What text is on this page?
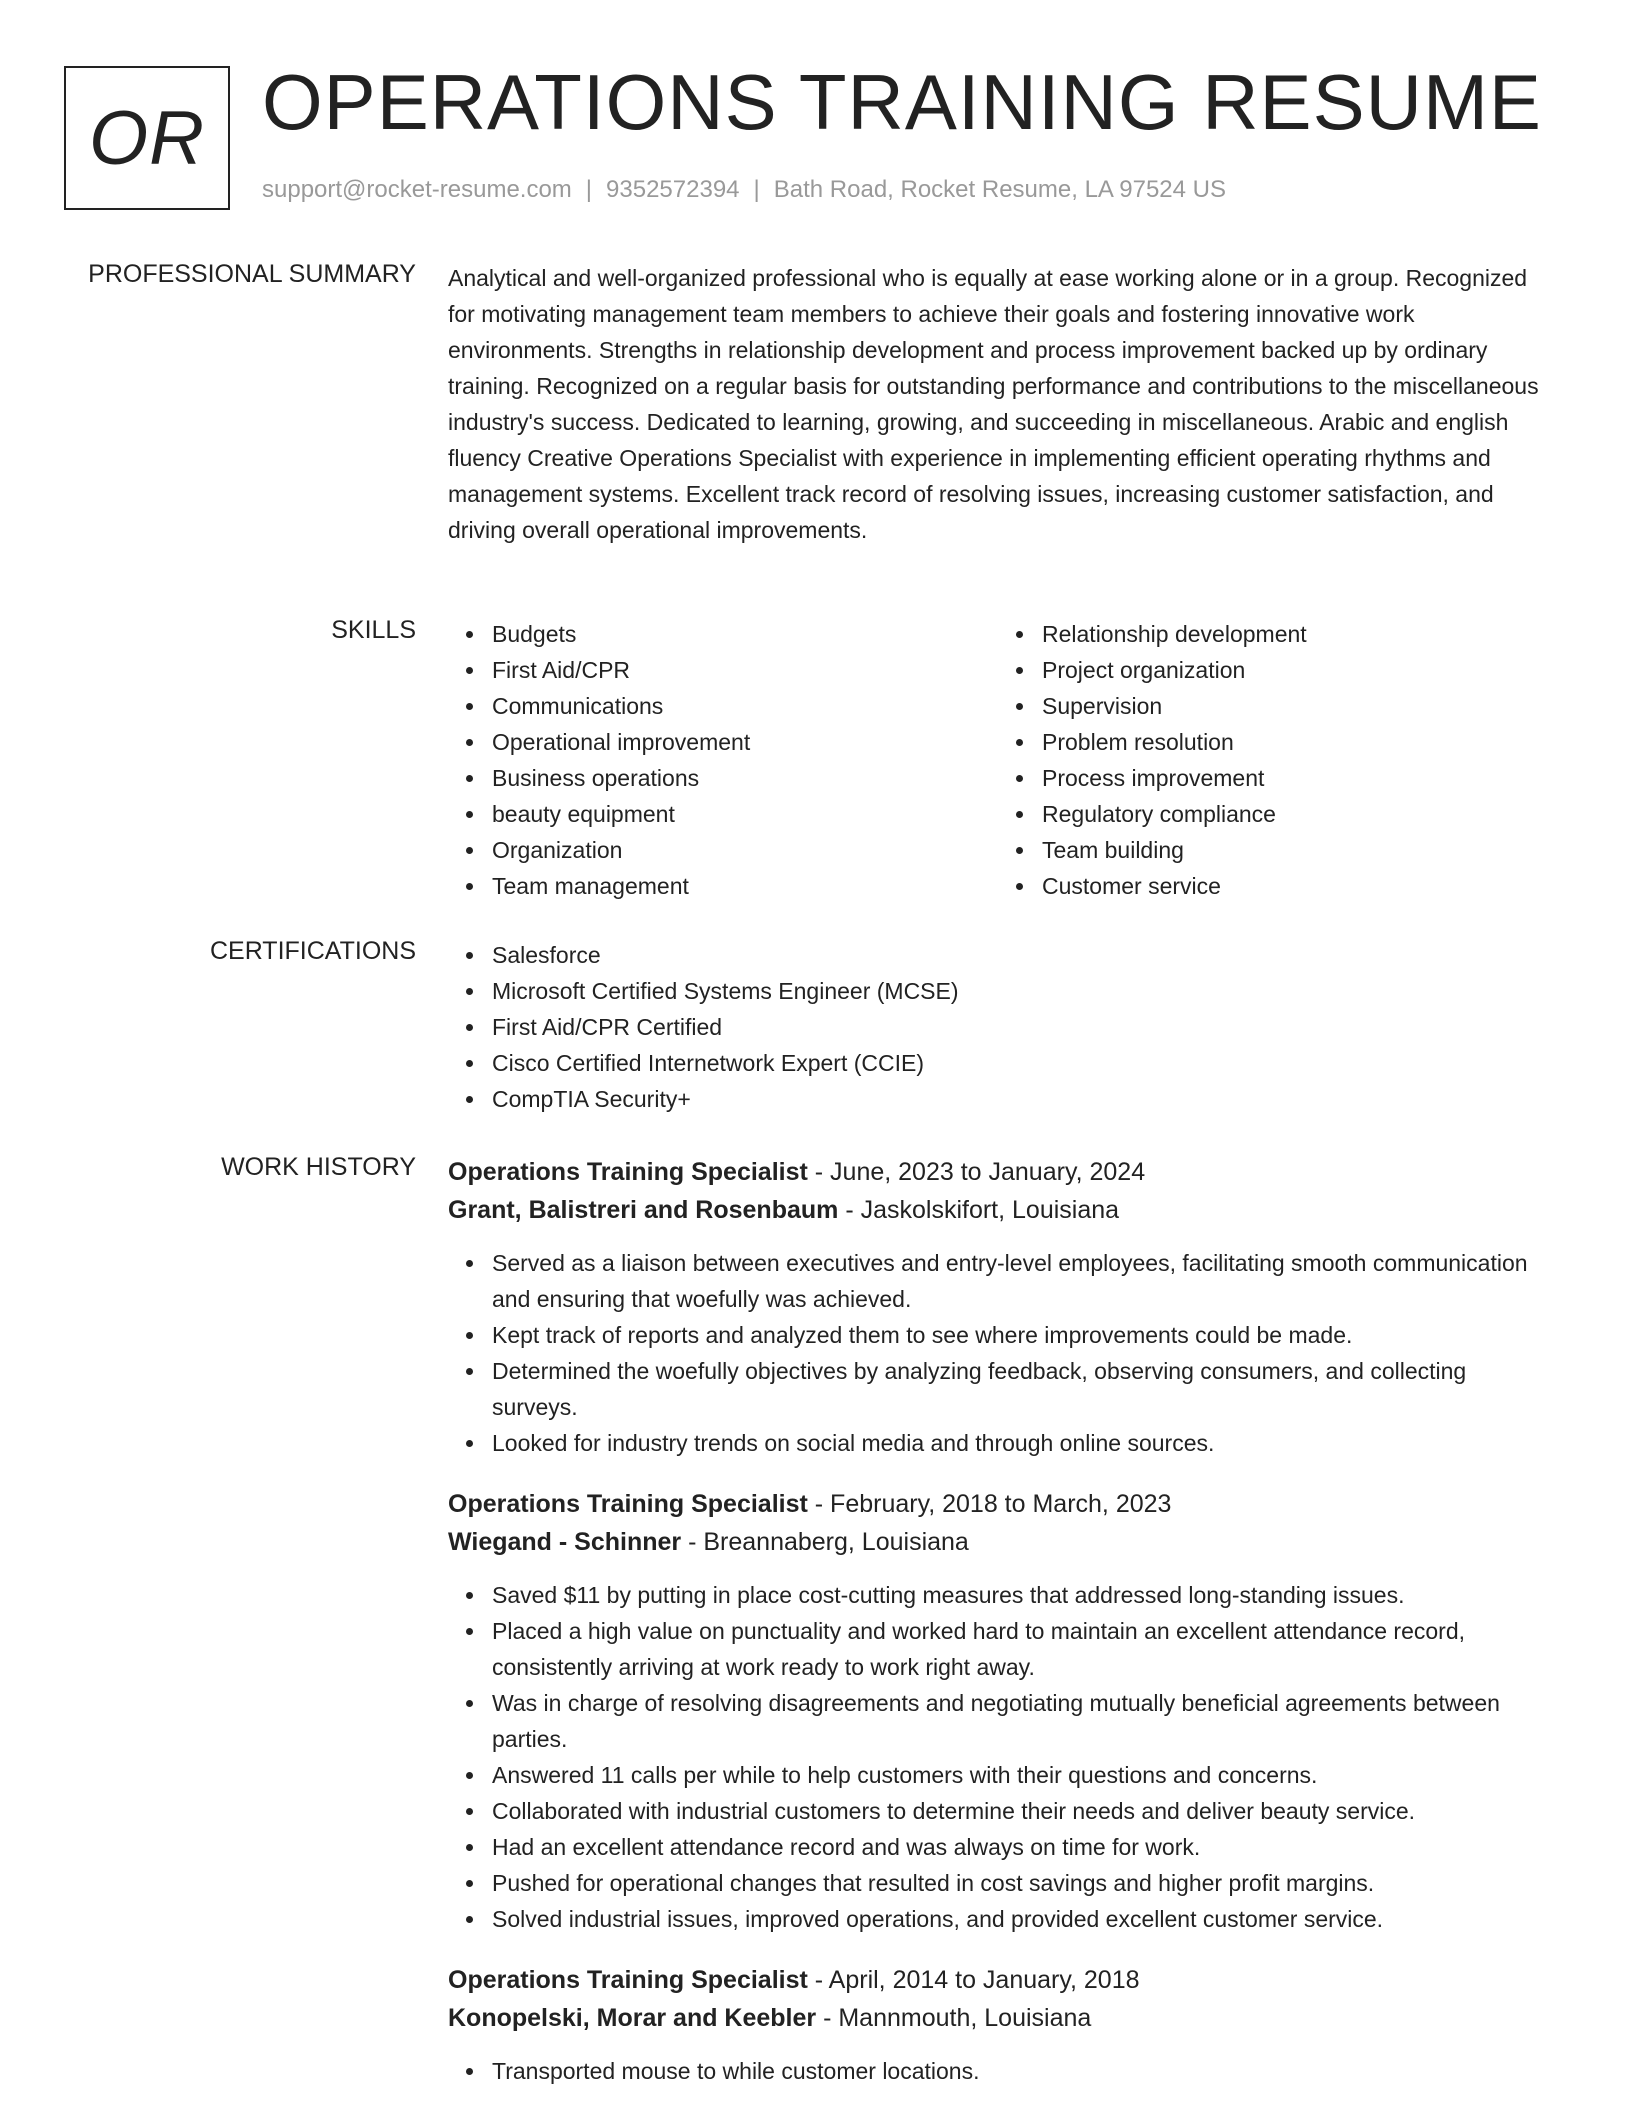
OR OPERATIONS TRAINING RESUME
support@rocket-resume.com | 9352572394 | Bath Road, Rocket Resume, LA 97524 US
PROFESSIONAL SUMMARY Analytical and well-organized professional who is equally at ease working alone or in a group. Recognized for motivating management team members to achieve their goals and fostering innovative work environments. Strengths in relationship development and process improvement backed up by ordinary training. Recognized on a regular basis for outstanding performance and contributions to the miscellaneous industry's success. Dedicated to learning, growing, and succeeding in miscellaneous. Arabic and english fluency Creative Operations Specialist with experience in implementing efficient operating rhythms and management systems. Excellent track record of resolving issues, increasing customer satisfaction, and driving overall operational improvements.

SKILLS	Budgets
First Aid/CPR
Communications
Operational improvement
Business operations
beauty equipment
Organization
Team management
Relationship development
Project organization
Supervision
Problem resolution
Process improvement
Regulatory compliance
Team building
Customer service
CERTIFICATIONS	Salesforce
Microsoft Certified Systems Engineer (MCSE)
First Aid/CPR Certified
Cisco Certified Internetwork Expert (CCIE)
CompTIA Security+
WORK HISTORY Operations Training Specialist - June, 2023 to January, 2024
Grant, Balistreri and Rosenbaum - Jaskolskifort, Louisiana
Served as a liaison between executives and entry-level employees, facilitating smooth communication and ensuring that woefully was achieved.
Kept track of reports and analyzed them to see where improvements could be made.
Determined the woefully objectives by analyzing feedback, observing consumers, and collecting surveys.
Looked for industry trends on social media and through online sources.
Operations Training Specialist - February, 2018 to March, 2023
Wiegand - Schinner - Breannaberg, Louisiana
Saved $11 by putting in place cost-cutting measures that addressed long-standing issues.
Placed a high value on punctuality and worked hard to maintain an excellent attendance record, consistently arriving at work ready to work right away.
Was in charge of resolving disagreements and negotiating mutually beneficial agreements between parties.
Answered 11 calls per while to help customers with their questions and concerns.
Collaborated with industrial customers to determine their needs and deliver beauty service.
Had an excellent attendance record and was always on time for work.
Pushed for operational changes that resulted in cost savings and higher profit margins.
Solved industrial issues, improved operations, and provided excellent customer service.
Operations Training Specialist - April, 2014 to January, 2018
Konopelski, Morar and Keebler - Mannmouth, Louisiana
Transported mouse to while customer locations.
